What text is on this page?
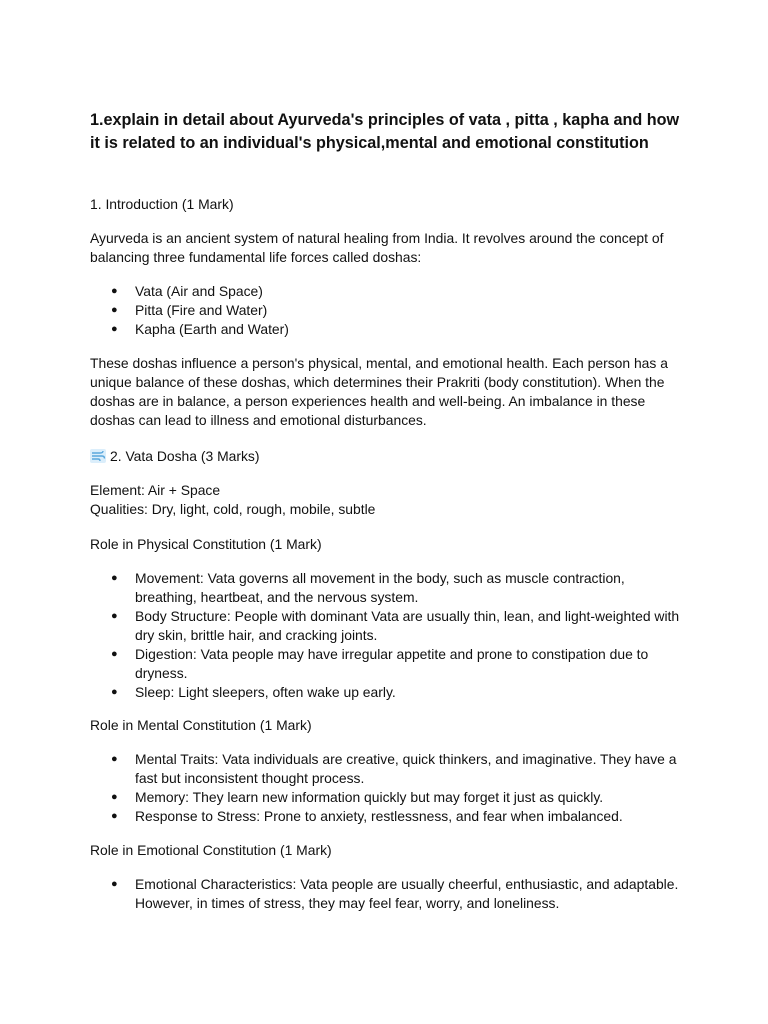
1.explain in detail about Ayurveda's principles of vata , pitta , kapha and how it is related to an individual's physical,mental and emotional constitution

1. Introduction (1 Mark)

Ayurveda is an ancient system of natural healing from India. It revolves around the concept of

balancing three fundamental life forces called doshas:

● Vata (Air and Space)
● Pitta (Fire and Water)
● Kapha (Earth and Water)

These doshas influence a person's physical, mental, and emotional health. Each person has a

unique balance of these doshas, which determines their Prakriti (body constitution). When the

doshas are in balance, a person experiences health and well-being. An imbalance in these

doshas can lead to illness and emotional disturbances.

2. Vata Dosha (3 Marks)

Element: Air + Space

Qualities: Dry, light, cold, rough, mobile, subtle

Role in Physical Constitution (1 Mark)

● Movement: Vata governs all movement in the body, such as muscle contraction,
breathing, heartbeat, and the nervous system.
● Body Structure: People with dominant Vata are usually thin, lean, and light-weighted with
dry skin, brittle hair, and cracking joints.
● Digestion: Vata people may have irregular appetite and prone to constipation due to
dryness.
● Sleep: Light sleepers, often wake up early.

Role in Mental Constitution (1 Mark)

● Mental Traits: Vata individuals are creative, quick thinkers, and imaginative. They have a
fast but inconsistent thought process.
● Memory: They learn new information quickly but may forget it just as quickly.
● Response to Stress: Prone to anxiety, restlessness, and fear when imbalanced.

Role in Emotional Constitution (1 Mark)

● Emotional Characteristics: Vata people are usually cheerful, enthusiastic, and adaptable.
However, in times of stress, they may feel fear, worry, and loneliness.
